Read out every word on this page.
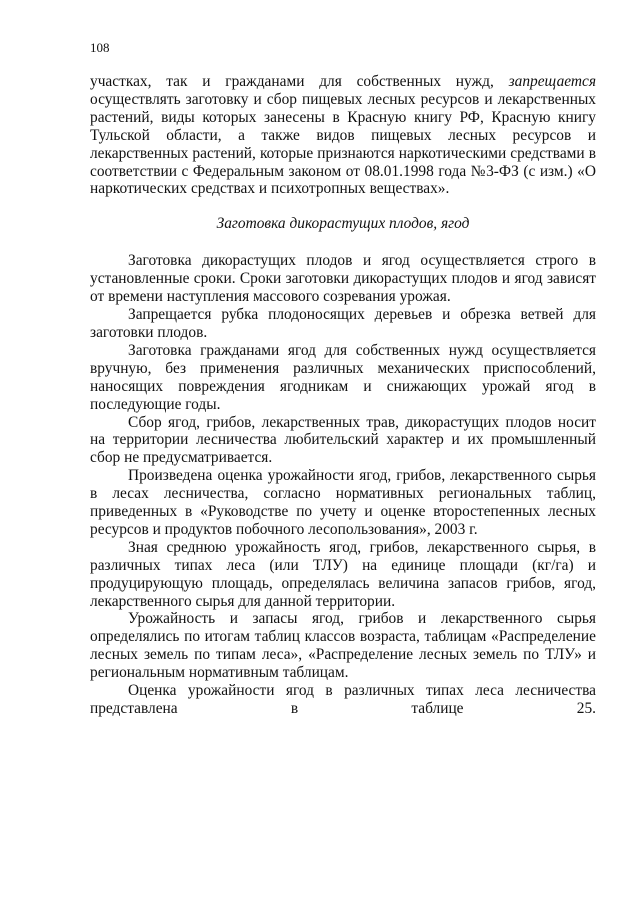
108

участках, так и гражданами для собственных нужд, запрещается осуществлять заготовку и сбор пищевых лесных ресурсов и лекарственных растений, виды которых занесены в Красную книгу РФ, Красную книгу Тульской области, а также видов пищевых лесных ресурсов и лекарственных растений, которые признаются наркотическими средствами в соответствии с Федеральным законом от 08.01.1998 года №3-ФЗ (с изм.) «О наркотических средствах и психотропных веществах».

Заготовка дикорастущих плодов, ягод

Заготовка дикорастущих плодов и ягод осуществляется строго в установленные сроки. Сроки заготовки дикорастущих плодов и ягод зависят от времени наступления массового созревания урожая.

Запрещается рубка плодоносящих деревьев и обрезка ветвей для заготовки плодов.

Заготовка гражданами ягод для собственных нужд осуществляется вручную, без применения различных механических приспособлений, наносящих повреждения ягодникам и снижающих урожай ягод в последующие годы.

Сбор ягод, грибов, лекарственных трав, дикорастущих плодов носит на территории лесничества любительский характер и их промышленный сбор не предусматривается.

Произведена оценка урожайности ягод, грибов, лекарственного сырья в лесах лесничества, согласно нормативных региональных таблиц, приведенных в «Руководстве по учету и оценке второстепенных лесных ресурсов и продуктов побочного лесопользования», 2003 г.

Зная среднюю урожайность ягод, грибов, лекарственного сырья, в различных типах леса (или ТЛУ) на единице площади (кг/га) и продуцирующую площадь, определялась величина запасов грибов, ягод, лекарственного сырья для данной территории.

Урожайность и запасы ягод, грибов и лекарственного сырья определялись по итогам таблиц классов возраста, таблицам «Распределение лесных земель по типам леса», «Распределение лесных земель по ТЛУ» и региональным нормативным таблицам.

Оценка урожайности ягод в различных типах леса лесничества представлена в таблице 25.
